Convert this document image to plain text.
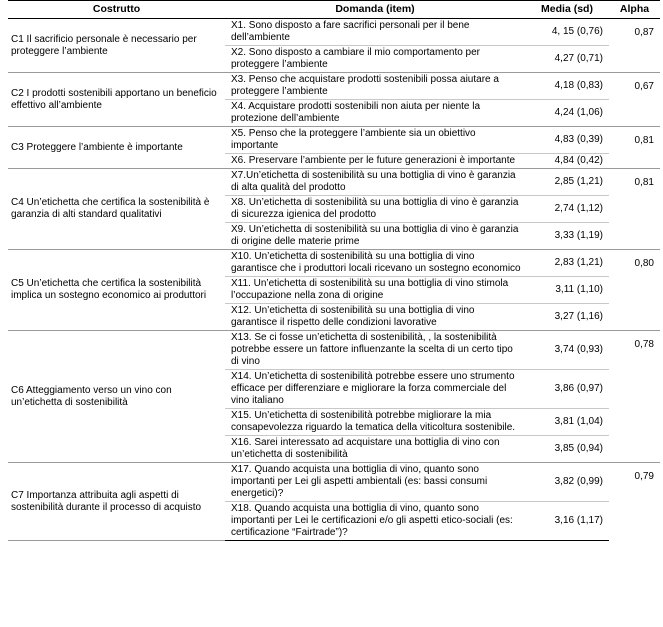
Costrutto	Domanda (item)	Media (sd)	Alpha
C1 Il sacrificio personale è necessario per proteggere l’ambiente	X1. Sono disposto a fare sacrifici personali per il bene dell’ambiente	4, 15 (0,76)	0,87
	X2. Sono disposto a cambiare il mio comportamento per proteggere l’ambiente	4,27 (0,71)	
C2 I prodotti sostenibili apportano un beneficio effettivo all’ambiente	X3. Penso che acquistare prodotti sostenibili possa aiutare a proteggere l’ambiente	4,18 (0,83)	0,67
	X4. Acquistare prodotti sostenibili non aiuta per niente la protezione dell’ambiente	4,24 (1,06)	
C3 Proteggere l’ambiente è importante	X5. Penso che la proteggere l’ambiente sia un obiettivo importante	4,83 (0,39)	0,81
	X6. Preservare l’ambiente per le future generazioni è importante	4,84 (0,42)	
C4 Un’etichetta che certifica la sostenibilità è garanzia di alti standard qualitativi	X7.Un’etichetta di sostenibilità su una bottiglia di vino è garanzia di alta qualità del prodotto	2,85 (1,21)	0,81
	X8. Un’etichetta di sostenibilità su una bottiglia di vino è garanzia di sicurezza igienica del prodotto	2,74 (1,12)	
	X9. Un’etichetta di sostenibilità su una bottiglia di vino è garanzia di origine delle materie prime	3,33 (1,19)	
C5 Un’etichetta che certifica la sostenibilità implica un sostegno economico ai produttori	X10. Un’etichetta di sostenibilità su una bottiglia di vino garantisce che i produttori locali ricevano un sostegno economico	2,83 (1,21)	0,80
	X11. Un’etichetta di sostenibilità su una bottiglia di vino stimola l’occupazione nella zona di origine	3,11 (1,10)	
	X12. Un’etichetta di sostenibilità su una bottiglia di vino garantisce il rispetto delle condizioni lavorative	3,27 (1,16)	
C6 Atteggiamento verso un vino con un’etichetta di sostenibilità	X13. Se ci fosse un’etichetta di sostenibilità, , la sostenibilità potrebbe essere un fattore influenzante la scelta di un certo tipo di vino	3,74 (0,93)	0,78
	X14. Un’etichetta di sostenibilità potrebbe essere uno strumento efficace per differenziare e migliorare la forza commerciale del vino italiano	3,86 (0,97)	
	X15. Un’etichetta di sostenibilità potrebbe migliorare la mia consapevolezza riguardo la tematica della viticoltura sostenibile.	3,81 (1,04)	
	X16. Sarei interessato ad acquistare una bottiglia di vino con un’etichetta di sostenibilità	3,85 (0,94)	
C7 Importanza attribuita agli aspetti di sostenibilità durante il processo di acquisto	X17. Quando acquista una bottiglia di vino, quanto sono importanti per Lei gli aspetti ambientali (es: bassi consumi energetici)?	3,82 (0,99)	0,79
	X18. Quando acquista una bottiglia di vino, quanto sono importanti per Lei le certificazioni e/o gli aspetti etico-sociali (es: certificazione “Fairtrade”)?	3,16 (1,17)	
